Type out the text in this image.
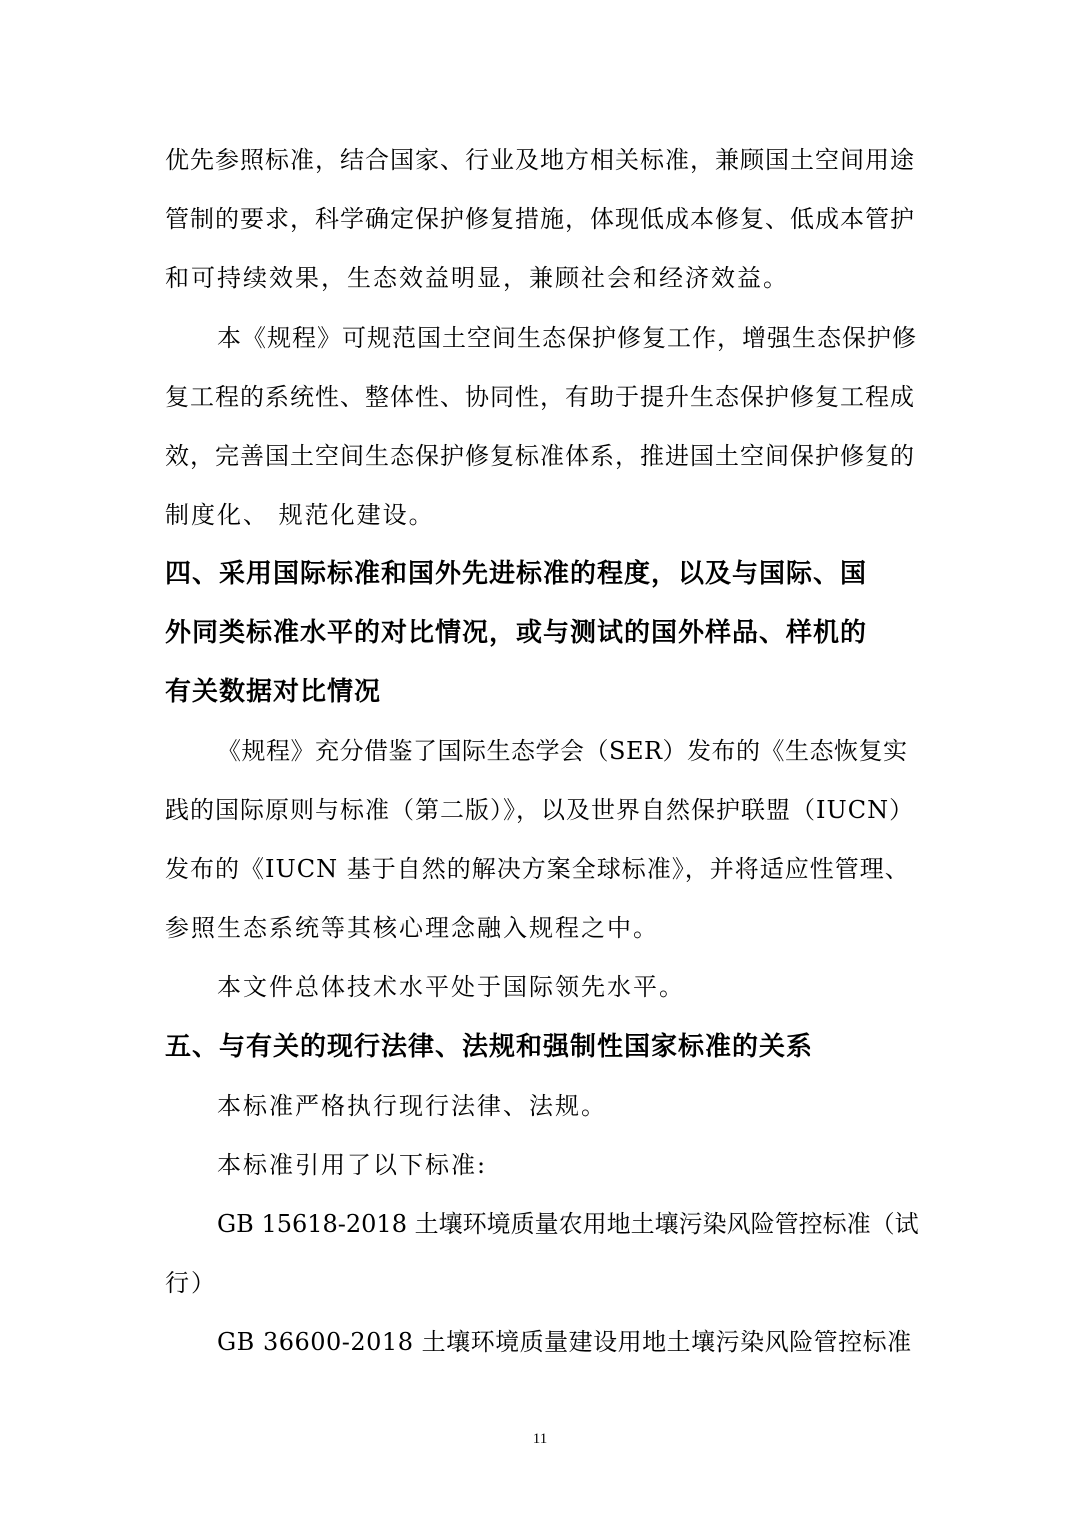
优先参照标准，结合国家、行业及地方相关标准，兼顾国土空间用途
管制的要求，科学确定保护修复措施，体现低成本修复、低成本管护
和可持续效果，生态效益明显，兼顾社会和经济效益。
本《规程》可规范国土空间生态保护修复工作，增强生态保护修
复工程的系统性、整体性、协同性，有助于提升生态保护修复工程成
效，完善国土空间生态保护修复标准体系，推进国土空间保护修复的
制度化、 规范化建设。
四、采用国际标准和国外先进标准的程度，以及与国际、国
外同类标准水平的对比情况，或与测试的国外样品、样机的
有关数据对比情况
《规程》充分借鉴了国际生态学会（SER）发布的《生态恢复实
践的国际原则与标准（第二版）》，以及世界自然保护联盟（IUCN）
发布的《IUCN 基于自然的解决方案全球标准》，并将适应性管理、
参照生态系统等其核心理念融入规程之中。
本文件总体技术水平处于国际领先水平。
五、与有关的现行法律、法规和强制性国家标准的关系
本标准严格执行现行法律、法规。
本标准引用了以下标准:
GB 15618-2018 土壤环境质量农用地土壤污染风险管控标准（试
行）
GB 36600-2018 土壤环境质量建设用地土壤污染风险管控标准
11
